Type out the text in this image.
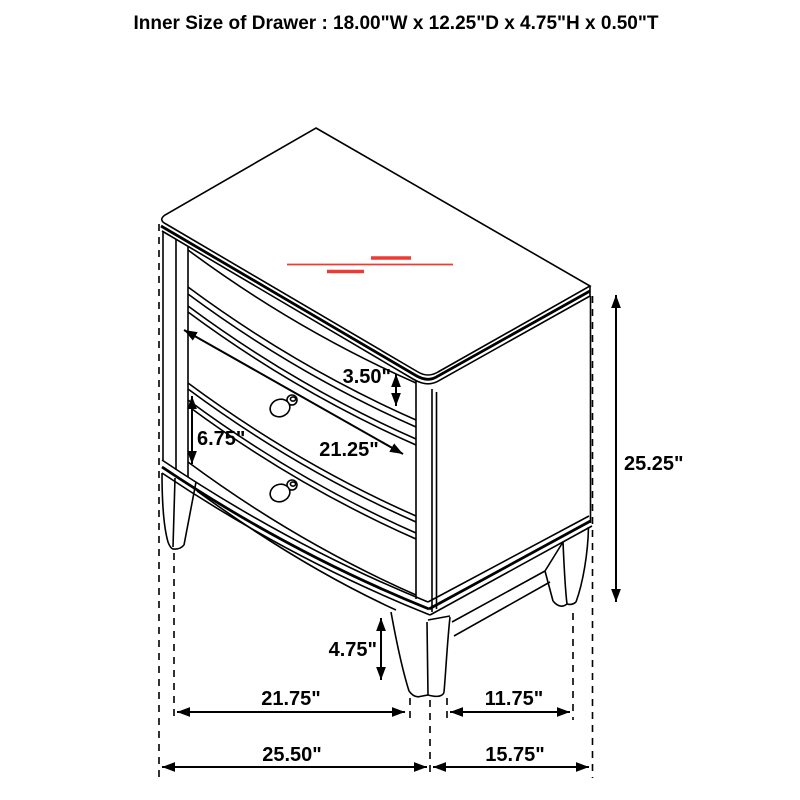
Inner Size of Drawer : 18.00"W x 12.25"D x 4.75"H x 0.50"T
3.50"
6.75"	21.25"
25.25"
4.75"
21.75"	11.75"
25.50"	15.75"
